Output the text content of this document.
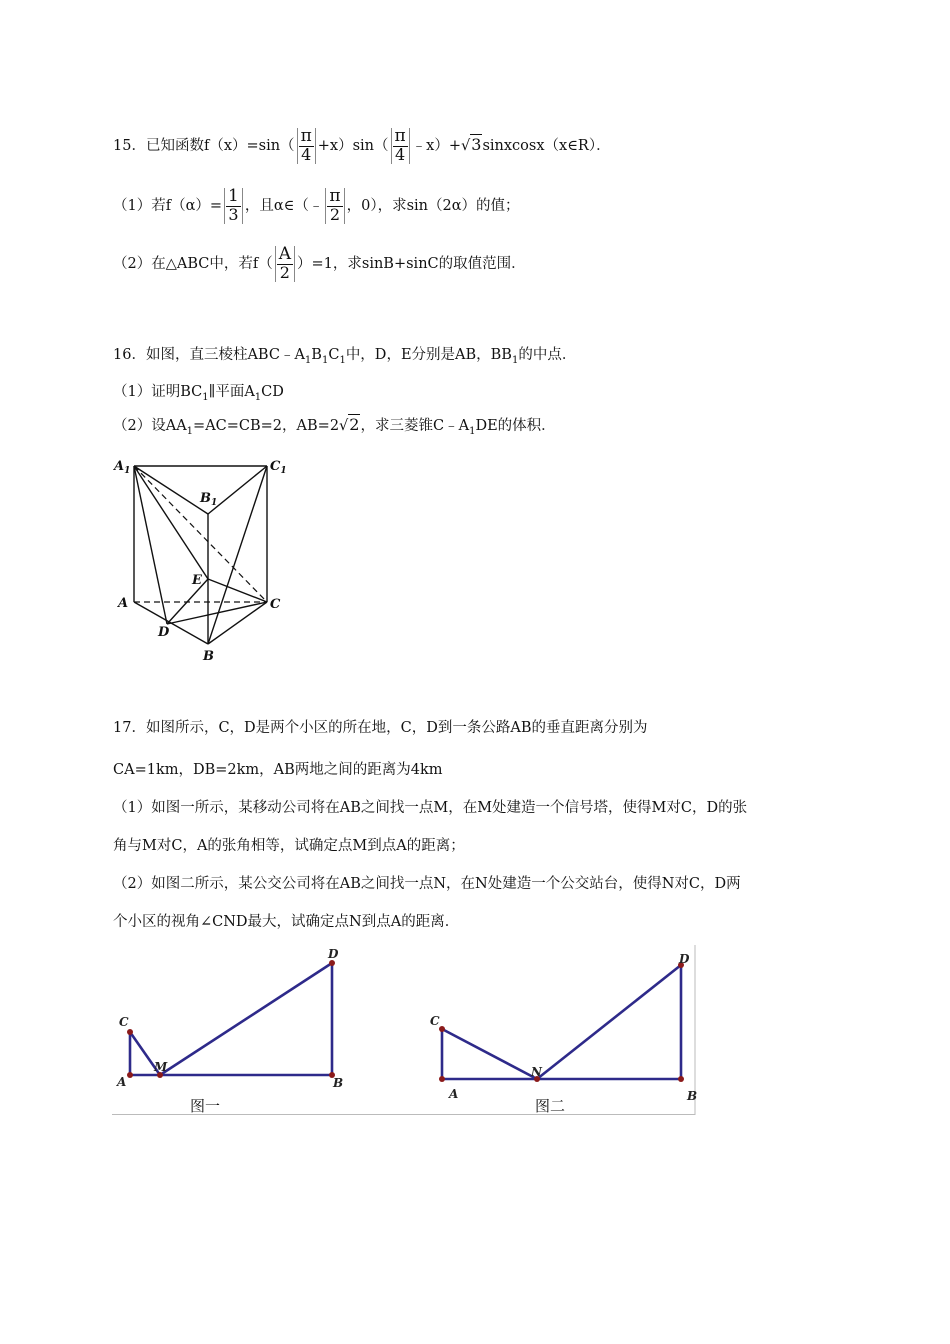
15．已知函数$f(x)=\sin( \frac{\pi}{4} +x)\sin( \frac{\pi}{4}$ ﹣x）+√3sinxcosx（x∈R）．
（1）若$f(\alpha)= \frac{1}{3}$ ，且α∈（﹣ $\frac{\pi}{2}$ ，0），求sin（2α）的值；
（2）在△ABC中，若$f( \frac{A}{2} )=1$，求sinB+sinC的取值范围．
16．如图，直三棱柱$ABC﹣A_1B_1C_1$中，D，E分别是AB，$BB_1$的中点．
（1）证明$BC_1\parallel$平面$A_1CD$
（2）设$AA_1=AC=CB=2$，AB=2√2，求三菱锥$C﹣A_1DE$的体积．
$A_1$	$C_1$
$B_1$
E
A	C
D
B
17．如图所示，C，D是两个小区的所在地，C，D到一条公路AB的垂直距离分别为
CA=1km，DB=2km，AB两地之间的距离为4km
（1）如图一所示，某移动公司将在AB之间找一点M，在M处建造一个信号塔，使得M对C，D的张
角与M对C，A的张角相等，试确定点M到点A的距离；
（2）如图二所示，某公交公司将在AB之间找一点N，在N处建造一个公交站台，使得N对C，D两
个小区的视角∠CND最大，试确定点N到点A的距离．
C
M
D
A	B
图一
C
N
D
A	B
图二
